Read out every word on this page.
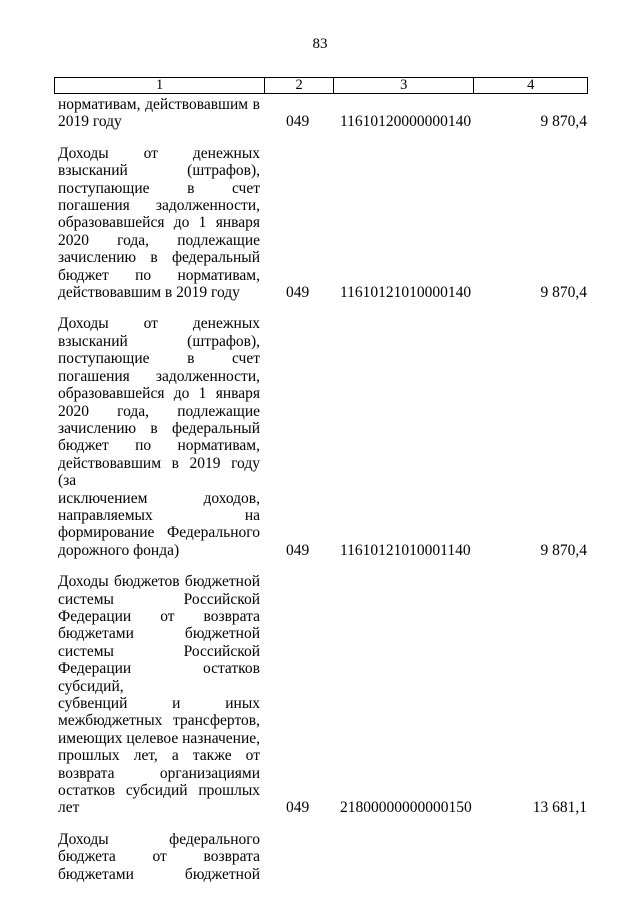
83
1	2	3	4
нормативам, действовавшим в
2019 году	049 11610120000000140	9 870,4
Доходы от денежных
взысканий (штрафов),
поступающие в счет
погашения задолженности,
образовавшейся до 1 января
2020 года, подлежащие
зачислению в федеральный
бюджет по нормативам,
действовавшим в 2019 году	049 11610121010000140	9 870,4
Доходы от денежных
взысканий (штрафов),
поступающие в счет
погашения задолженности,
образовавшейся до 1 января
2020 года, подлежащие
зачислению в федеральный
бюджет по нормативам,
действовавшим в 2019 году (за
исключением доходов,
направляемых на
формирование Федерального
дорожного фонда)	049 11610121010001140	9 870,4
Доходы бюджетов бюджетной
системы Российской
Федерации от возврата
бюджетами бюджетной
системы Российской
Федерации остатков субсидий,
субвенций и иных
межбюджетных трансфертов,
имеющих целевое назначение,
прошлых лет, а также от
возврата организациями
остатков субсидий прошлых
лет	049 21800000000000150	13 681,1
Доходы федерального
бюджета от возврата
бюджетами бюджетной
